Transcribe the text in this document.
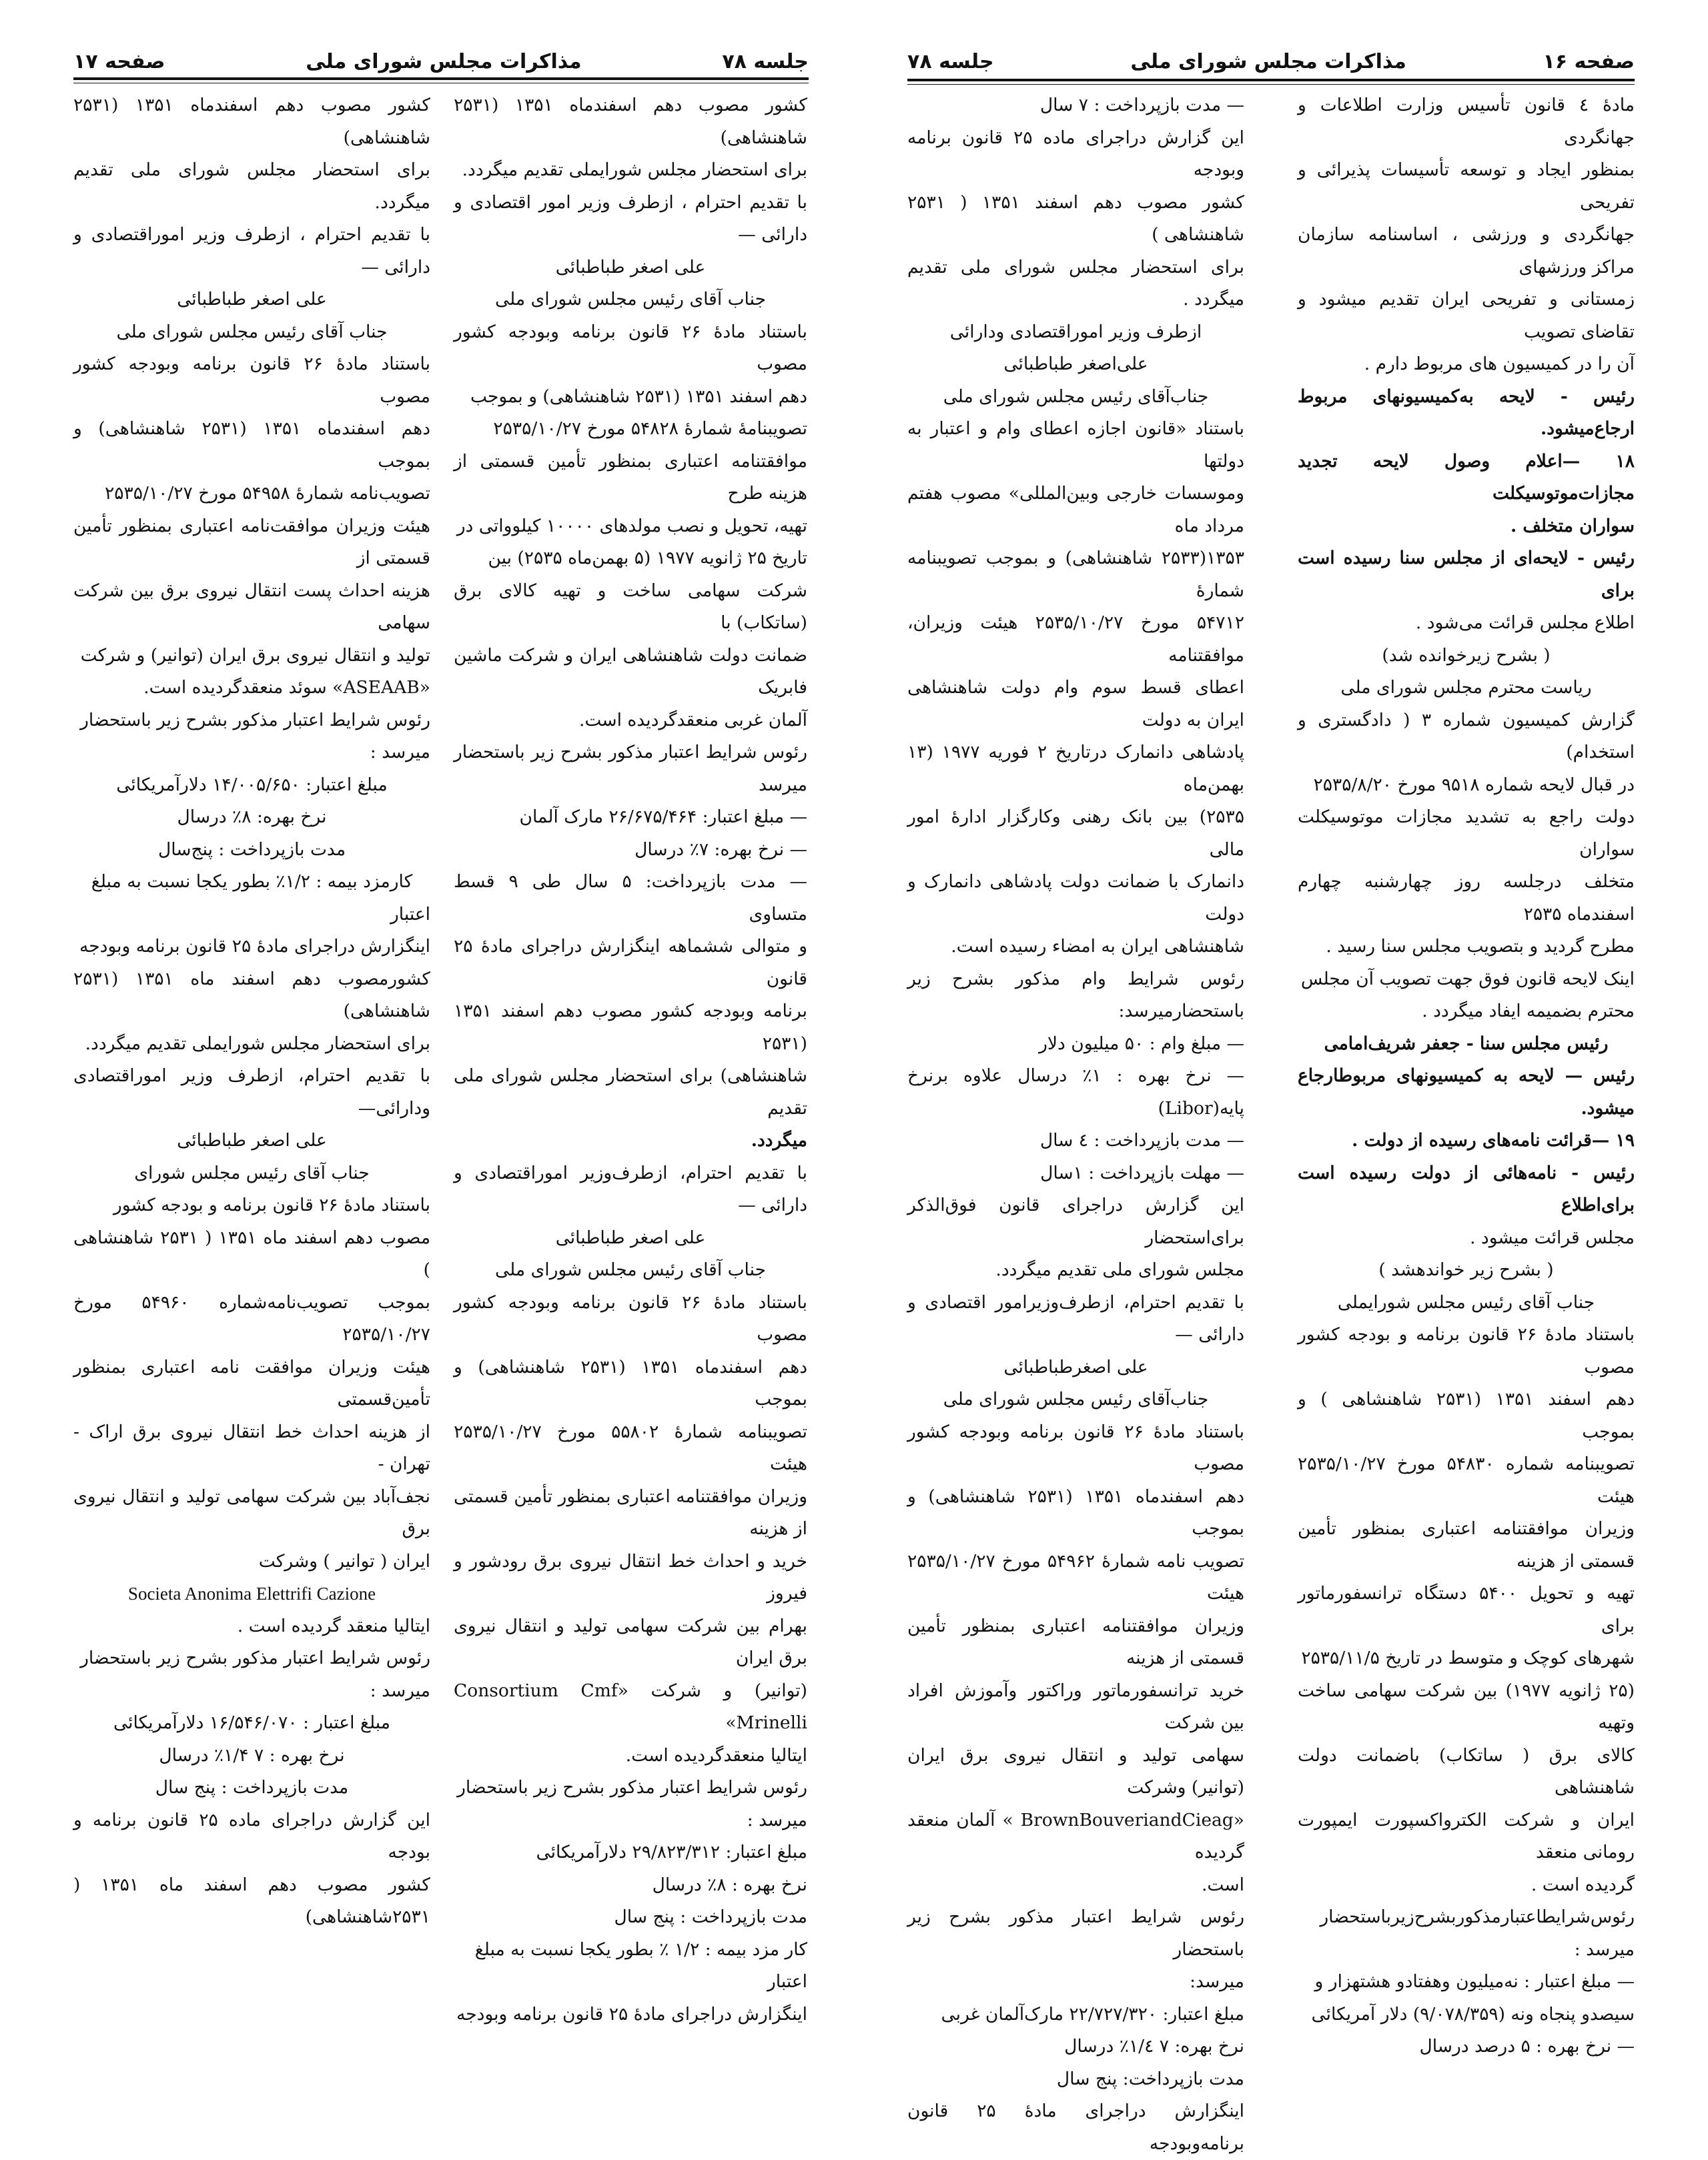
جلسه ۷۸
مذاکرات مجلس شورای ملی
صفحه ۱۷

کشور مصوب دهم اسفندماه ۱۳۵۱ (۲۵۳۱ شاهنشاهی)

برای استحضار مجلس شورایملی تقدیم میگردد.

با تقدیم احترام ، ازطرف وزیر امور اقتصادی و دارائی —

علی اصغر طباطبائی

جناب آقای رئیس مجلس شورای ملی

باستناد مادهٔ ۲۶ قانون برنامه وبودجه کشور مصوب

دهم اسفند ۱۳۵۱ (۲۵۳۱ شاهنشاهی) و بموجب

تصویبنامهٔ شمارهٔ ۵۴۸۲۸ مورخ ۲۵۳۵/۱۰/۲۷

موافقتنامه اعتباری بمنظور تأمین قسمتی از هزینه طرح

تهیه، تحویل و نصب مولدهای ۱۰۰۰۰ کیلوواتی در

تاریخ ۲۵ ژانویه ۱۹۷۷ (۵ بهمن‌ماه ۲۵۳۵) بین

شرکت سهامی ساخت و تهیه کالای برق (ساتکاب) با

ضمانت دولت شاهنشاهی ایران و شرکت ماشین فابریک

آلمان غربی منعقدگردیده است.

رئوس شرایط اعتبار مذکور بشرح زیر باستحضار میرسد

— مبلغ اعتبار: ۲۶/۶۷۵/۴۶۴ مارک آلمان

— نرخ بهره: ۷٪ درسال

— مدت بازپرداخت: ۵ سال طی ۹ قسط متساوی

و متوالی ششماهه اینگزارش دراجرای مادهٔ ۲۵ قانون

برنامه وبودجه کشور مصوب دهم اسفند ۱۳۵۱ (۲۵۳۱

شاهنشاهی) برای استحضار مجلس شورای ملی تقدیم

میگردد.

با تقدیم احترام، ازطرف‌وزیر اموراقتصادی و دارائی —

علی اصغر طباطبائی

جناب آقای رئیس مجلس شورای ملی

باستناد مادهٔ ۲۶ قانون برنامه وبودجه کشور مصوب

دهم اسفندماه ۱۳۵۱ (۲۵۳۱ شاهنشاهی) و بموجب

تصویبنامه شمارهٔ ۵۵۸۰۲ مورخ ۲۵۳۵/۱۰/۲۷ هیئت

وزیران موافقتنامه اعتباری بمنظور تأمین قسمتی از هزینه

خرید و احداث خط انتقال نیروی برق رودشور و فیروز

بهرام بین شرکت سهامی تولید و انتقال نیروی برق ایران

(توانیر) و شرکت «Consortium Cmf Mrinelli»

ایتالیا منعقدگردیده است.

رئوس شرایط اعتبار مذکور بشرح زیر باستحضار

میرسد :

مبلغ اعتبار: ۲۹/۸۲۳/۳۱۲ دلارآمریکائی

نرخ بهره : ۸٪ درسال

مدت بازپرداخت : پنج سال

کار مزد بیمه : ۱/۲ ٪ بطور یکجا نسبت به مبلغ

اعتبار

اینگزارش دراجرای مادهٔ ۲۵ قانون برنامه وبودجه

کشور مصوب دهم اسفندماه ۱۳۵۱ (۲۵۳۱ شاهنشاهی)

برای استحضار مجلس شورای ملی تقدیم میگردد.

با تقدیم احترام ، ازطرف وزیر اموراقتصادی و دارائی —

علی اصغر طباطبائی

جناب آقای رئیس مجلس شورای ملی

باستناد مادهٔ ۲۶ قانون برنامه وبودجه کشور مصوب

دهم اسفندماه ۱۳۵۱ (۲۵۳۱ شاهنشاهی) و بموجب

تصویب‌نامه شمارهٔ ۵۴۹۵۸ مورخ ۲۵۳۵/۱۰/۲۷

هیئت وزیران موافقت‌نامه اعتباری بمنظور تأمین قسمتی از

هزینه احداث پست انتقال نیروی برق بین شرکت سهامی

تولید و انتقال نیروی برق ایران (توانیر) و شرکت

«ASEAAB» سوئد منعقدگردیده است.

رئوس شرایط اعتبار مذکور بشرح زیر باستحضار

میرسد :

مبلغ اعتبار: ۱۴/۰۰۵/۶۵۰ دلارآمریکائی

نرخ بهره: ۸٪ درسال

مدت بازپرداخت : پنج‌سال

کارمزد بیمه : ۱/۲٪ بطور یکجا نسبت به مبلغ

اعتبار

اینگزارش دراجرای مادهٔ ۲۵ قانون برنامه وبودجه

کشورمصوب دهم اسفند ماه ۱۳۵۱ (۲۵۳۱ شاهنشاهی)

برای استحضار مجلس شورایملی تقدیم میگردد.

با تقدیم احترام، ازطرف وزیر اموراقتصادی ودارائی—

علی اصغر طباطبائی

جناب آقای رئیس مجلس شورای

باستناد مادهٔ ۲۶ قانون برنامه و بودجه کشور

مصوب دهم اسفند ماه ۱۳۵۱ ( ۲۵۳۱ شاهنشاهی )

بموجب تصویب‌نامه‌شماره ۵۴۹۶۰ مورخ ۲۵۳۵/۱۰/۲۷

هیئت وزیران موافقت نامه اعتباری بمنظور تأمین‌قسمتی

از هزینه احداث خط انتقال نیروی برق اراک - تهران -

نجف‌آباد بین شرکت سهامی تولید و انتقال نیروی برق

ایران ( توانیر ) وشرکت

Societa Anonima Elettrifi Cazione

ایتالیا منعقد گردیده است .

رئوس شرایط اعتبار مذکور بشرح زیر باستحضار

میرسد :

مبلغ اعتبار : ۱۶/۵۴۶/۰۷۰ دلارآمریکائی

نرخ بهره : ۷ ۱/۴٪ درسال

مدت بازپرداخت : پنج سال

این گزارش دراجرای ماده ۲۵ قانون برنامه و بودجه

کشور مصوب دهم اسفند ماه ۱۳۵۱ ( ۲۵۳۱شاهنشاهی)

صفحه ۱۶
مذاکرات مجلس شورای ملی
جلسه ۷۸

مادهٔ ٤ قانون تأسیس وزارت اطلاعات و جهانگردی

بمنظور ایجاد و توسعه تأسیسات پذیرائی و تفریحی

جهانگردی و ورزشی ، اساسنامه سازمان مراکز ورزشهای

زمستانی و تفریحی ایران تقدیم میشود و تقاضای تصویب

آن را در کمیسیون های مربوط دارم .

رئیس - لایحه به‌کمیسیونهای مربوط ارجاع‌میشود.

۱۸ —اعلام وصول لایحه تجدید مجازات‌موتوسیکلت

سواران متخلف .

رئیس - لایحه‌ای از مجلس سنا رسیده است برای

اطلاع مجلس قرائت می‌شود .

( بشرح زیرخوانده شد)

ریاست محترم مجلس شورای ملی

گزارش کمیسیون شماره ۳ ( دادگستری و استخدام)

در قبال لایحه شماره ۹۵۱۸ مورخ ۲۵۳۵/۸/۲۰

دولت راجع به تشدید مجازات موتوسیکلت سواران

متخلف درجلسه روز چهارشنبه چهارم اسفندماه ۲۵۳۵

مطرح گردید و بتصویب مجلس سنا رسید .

اینک لایحه قانون فوق جهت تصویب آن مجلس

محترم بضمیمه ایفاد میگردد .

رئیس مجلس سنا - جعفر شریف‌امامی

رئیس — لایحه به کمیسیونهای مربوطارجاع میشود.

۱۹ —قرائت نامه‌های رسیده از دولت .

رئیس - نامه‌هائی از دولت رسیده است برای‌اطلاع

مجلس قرائت میشود .

( بشرح زیر خواندهشد )

جناب آقای رئیس مجلس شورایملی

باستناد مادهٔ ۲۶ قانون برنامه و بودجه کشور مصوب

دهم اسفند ۱۳۵۱ (۲۵۳۱ شاهنشاهی ) و بموجب

تصویبنامه شماره ۵۴۸۳۰ مورخ ۲۵۳۵/۱۰/۲۷ هیئت

وزیران موافقتنامه اعتباری بمنظور تأمین قسمتی از هزینه

تهیه و تحویل ۵۴۰۰ دستگاه ترانسفورماتور برای

شهرهای کوچک و متوسط در تاریخ ۲۵۳۵/۱۱/۵

(۲۵ ژانویه ۱۹۷۷) بین شرکت سهامی ساخت وتهیه

کالای برق ( ساتکاب) باضمانت دولت شاهنشاهی

ایران و شرکت الکترواکسپورت ایمپورت رومانی منعقد

گردیده است .

رئوس‌شرایطاعتبارمذکوربشرح‌زیرباستحضار میرسد :

— مبلغ اعتبار : نه‌میلیون وهفتادو هشتهزار و

سیصدو پنجاه ونه (۹/۰۷۸/۳۵۹) دلار آمریکائی

— نرخ بهره : ۵ درصد درسال

— مدت بازپرداخت : ۷ سال

این گزارش دراجرای ماده ۲۵ قانون برنامه وبودجه

کشور مصوب دهم اسفند ۱۳۵۱ ( ۲۵۳۱ شاهنشاهی )

برای استحضار مجلس شورای ملی تقدیم میگردد .

ازطرف وزیر اموراقتصادی ودارائی

علی‌اصغر طباطبائی

جناب‌آقای رئیس مجلس شورای ملی

باستناد «قانون اجازه اعطای وام و اعتبار به دولتها

وموسسات خارجی وبین‌المللی» مصوب هفتم مرداد ماه

۱۳۵۳(۲۵۳۳ شاهنشاهی) و بموجب تصویبنامه شمارهٔ

۵۴۷۱۲ مورخ ۲۵۳۵/۱۰/۲۷ هیئت وزیران، موافقتنامه

اعطای قسط سوم وام دولت شاهنشاهی ایران به دولت

پادشاهی دانمارک درتاریخ ۲ فوریه ۱۹۷۷ (۱۳ بهمن‌ماه

۲۵۳۵) بین بانک رهنی وکارگزار ادارهٔ امور مالی

دانمارک با ضمانت دولت پادشاهی دانمارک و دولت

شاهنشاهی ایران به امضاء رسیده است.

رئوس شرایط وام مذکور بشرح زیر باستحضارمیرسد:

— مبلغ وام : ۵۰ میلیون دلار

— نرخ بهره : ۱٪ درسال علاوه برنرخ پایه(Libor)

— مدت بازپرداخت : ٤ سال

— مهلت بازپرداخت : ۱سال

این گزارش دراجرای قانون فوق‌الذکر برای‌استحضار

مجلس شورای ملی تقدیم میگردد.

با تقدیم احترام، ازطرف‌وزیرامور اقتصادی و دارائی —

علی اصغرطباطبائی

جناب‌آقای رئیس مجلس شورای ملی

باستناد مادهٔ ۲۶ قانون برنامه وبودجه کشور مصوب

دهم اسفندماه ۱۳۵۱ (۲۵۳۱ شاهنشاهی) و بموجب

تصویب نامه شمارهٔ ۵۴۹۶۲ مورخ ۲۵۳۵/۱۰/۲۷ هیئت

وزیران موافقتنامه اعتباری بمنظور تأمین قسمتی از هزینه

خرید ترانسفورماتور وراکتور وآموزش افراد بین شرکت

سهامی تولید و انتقال نیروی برق ایران (توانیر) وشرکت

«BrownBouveriandCieag » آلمان منعقد گردیده

است.

رئوس شرایط اعتبار مذکور بشرح زیر باستحضار

میرسد:

مبلغ اعتبار: ۲۲/۷۲۷/۳۲۰ مارک‌آلمان غربی

نرخ بهره: ۷ ۱/٤٪ درسال

مدت بازپرداخت: پنج سال

اینگزارش دراجرای مادهٔ ۲۵ قانون برنامه‌وبودجه
